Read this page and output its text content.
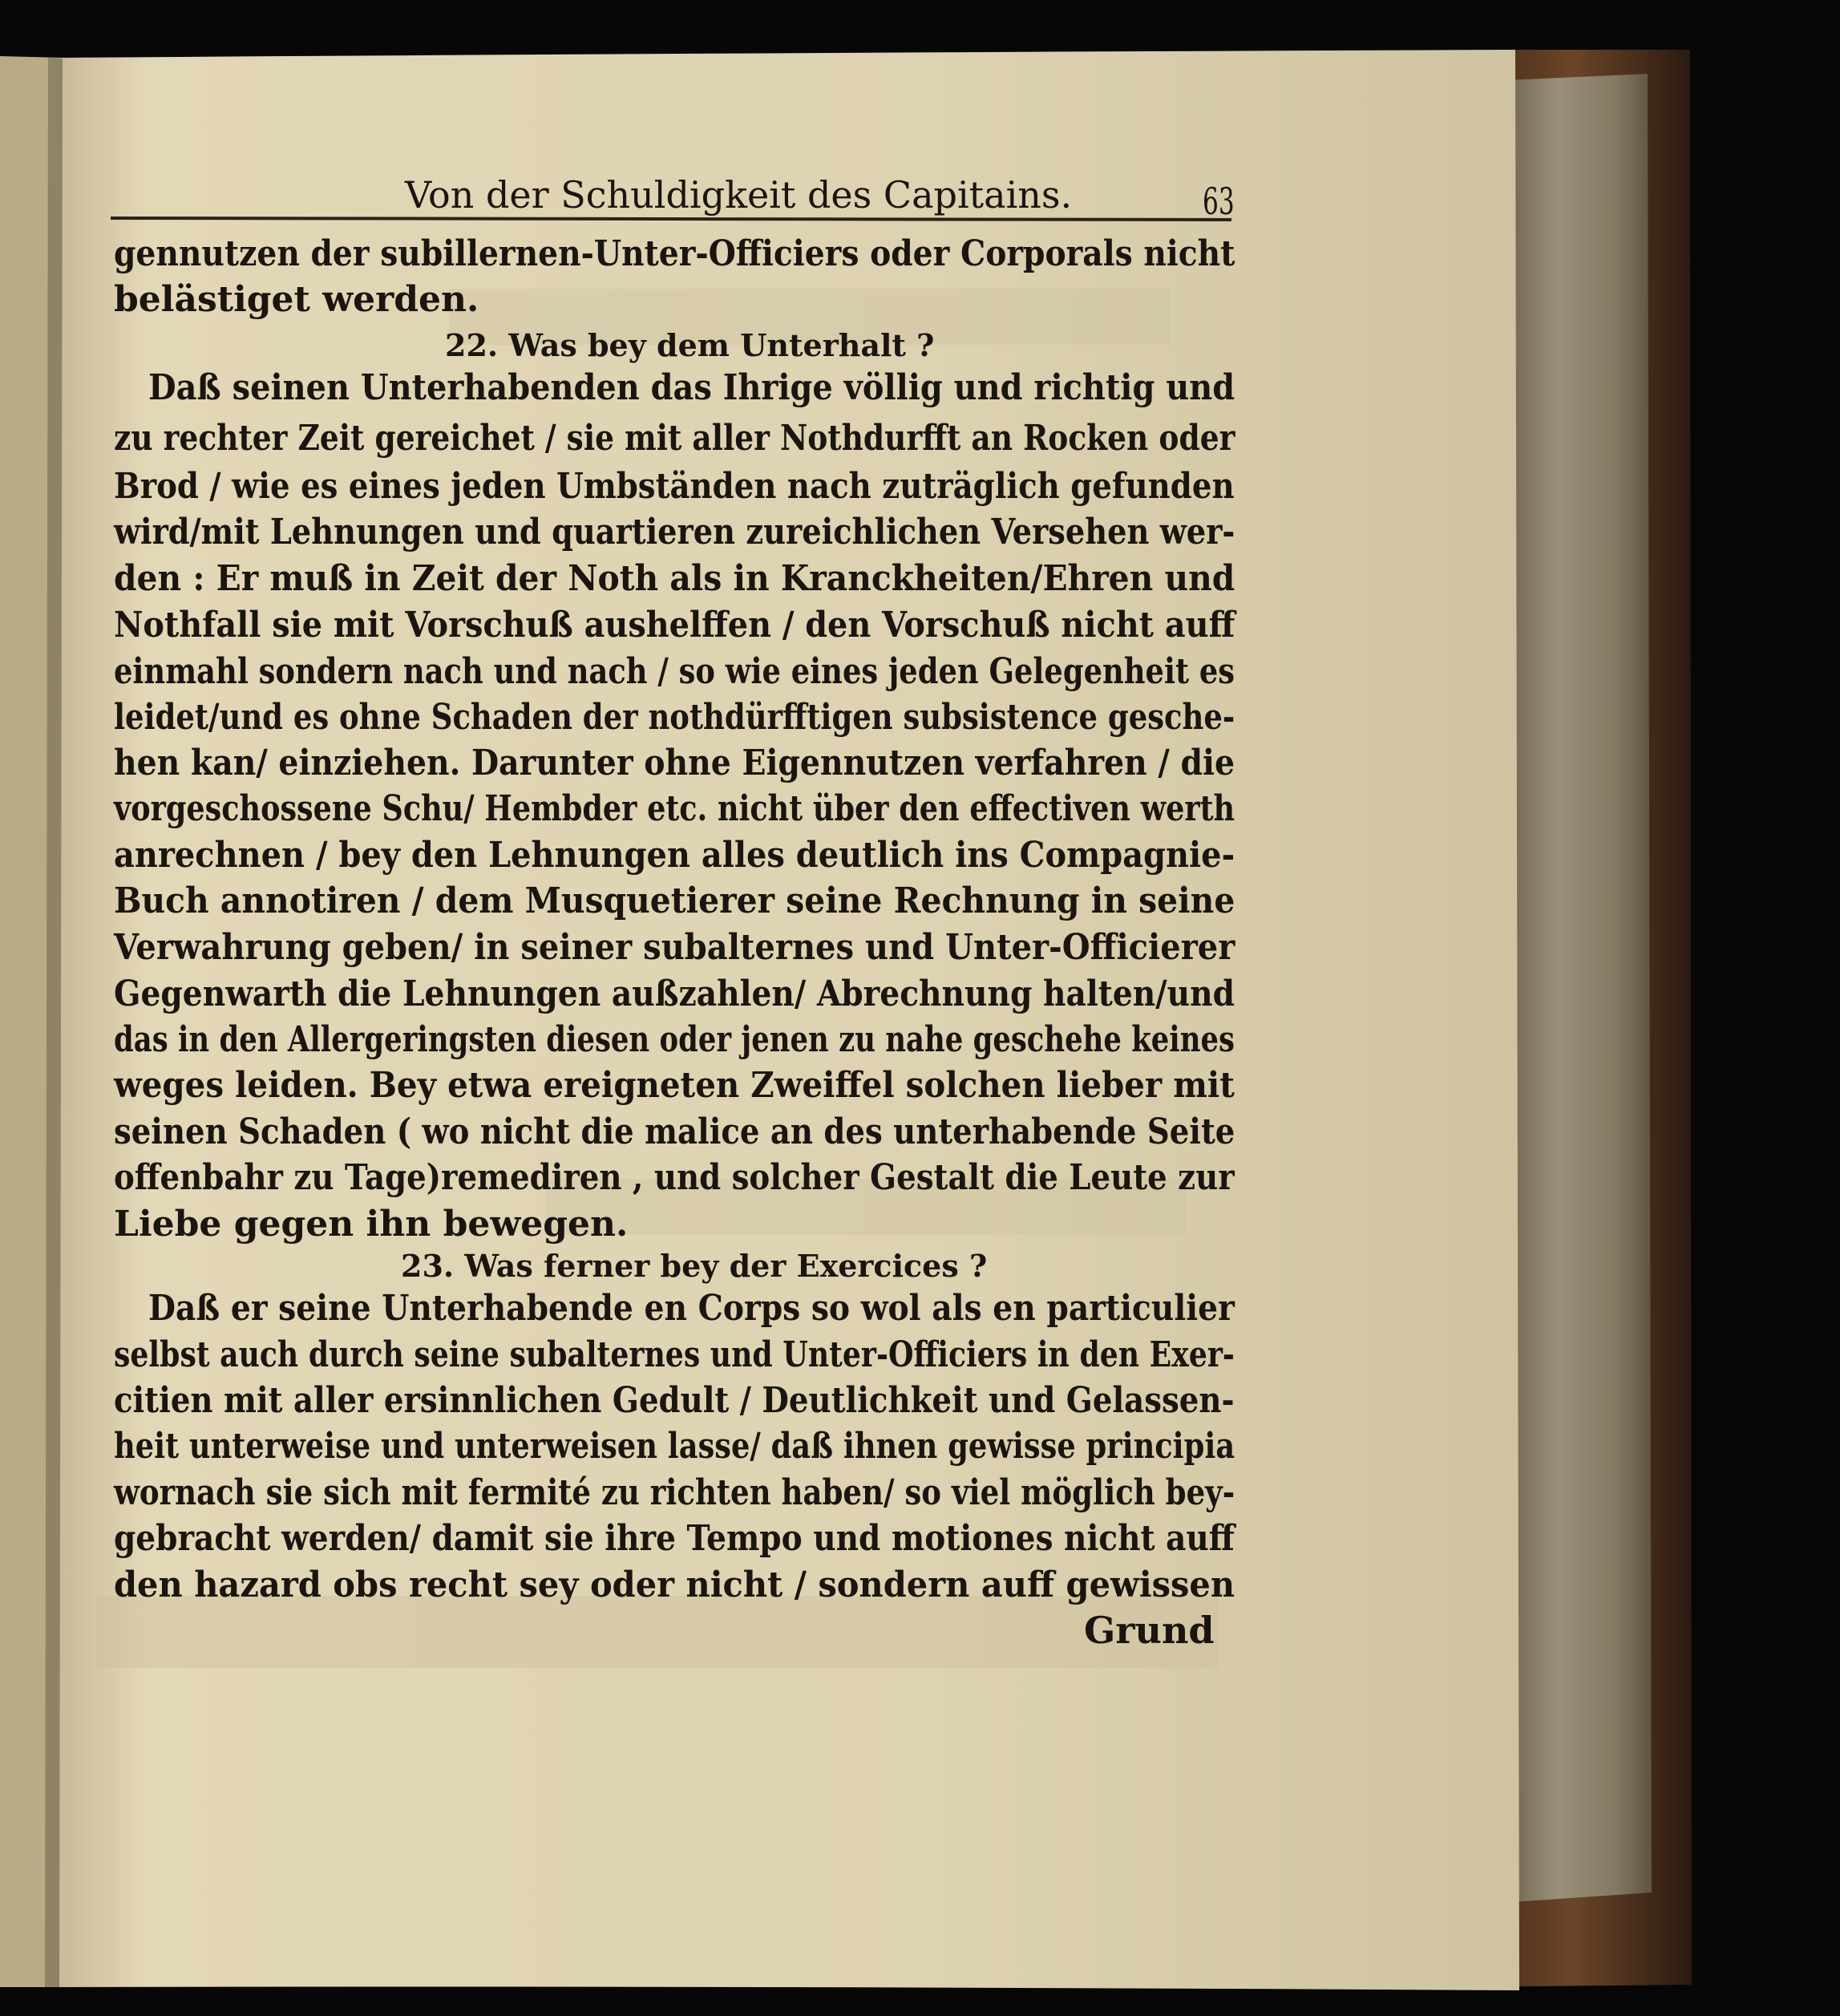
Von der Schuldigkeit des Capitains.	63
gennutzen der subillernen-Unter-Officiers oder Corporals nicht
belästiget werden.
22. Was bey dem Unterhalt ?
Daß seinen Unterhabenden das Ihrige völlig und richtig und
zu rechter Zeit gereichet / sie mit aller Nothdurfft an Rocken oder
Brod / wie es eines jeden Umbständen nach zuträglich gefunden
wird/mit Lehnungen und quartieren zureichlichen Versehen wer-
den : Er muß in Zeit der Noth als in Kranckheiten/Ehren und
Nothfall sie mit Vorschuß aushelffen / den Vorschuß nicht auff
einmahl sondern nach und nach / so wie eines jeden Gelegenheit es
leidet/und es ohne Schaden der nothdürfftigen subsistence gesche-
hen kan/ einziehen. Darunter ohne Eigennutzen verfahren / die
vorgeschossene Schu/ Hembder etc. nicht über den effectiven werth
anrechnen / bey den Lehnungen alles deutlich ins Compagnie-
Buch annotiren / dem Musquetierer seine Rechnung in seine
Verwahrung geben/ in seiner subalternes und Unter-Officierer
Gegenwarth die Lehnungen außzahlen/ Abrechnung halten/und
das in den Allergeringsten diesen oder jenen zu nahe geschehe keines
weges leiden. Bey etwa ereigneten Zweiffel solchen lieber mit
seinen Schaden ( wo nicht die malice an des unterhabende Seite
offenbahr zu Tage)remediren , und solcher Gestalt die Leute zur
Liebe gegen ihn bewegen.
23. Was ferner bey der Exercices ?
Daß er seine Unterhabende en Corps so wol als en particulier
selbst auch durch seine subalternes und Unter-Officiers in den Exer-
citien mit aller ersinnlichen Gedult / Deutlichkeit und Gelassen-
heit unterweise und unterweisen lasse/ daß ihnen gewisse principia
wornach sie sich mit fermité zu richten haben/ so viel möglich bey-
gebracht werden/ damit sie ihre Tempo und motiones nicht auff
den hazard obs recht sey oder nicht / sondern auff gewissen
Grund
